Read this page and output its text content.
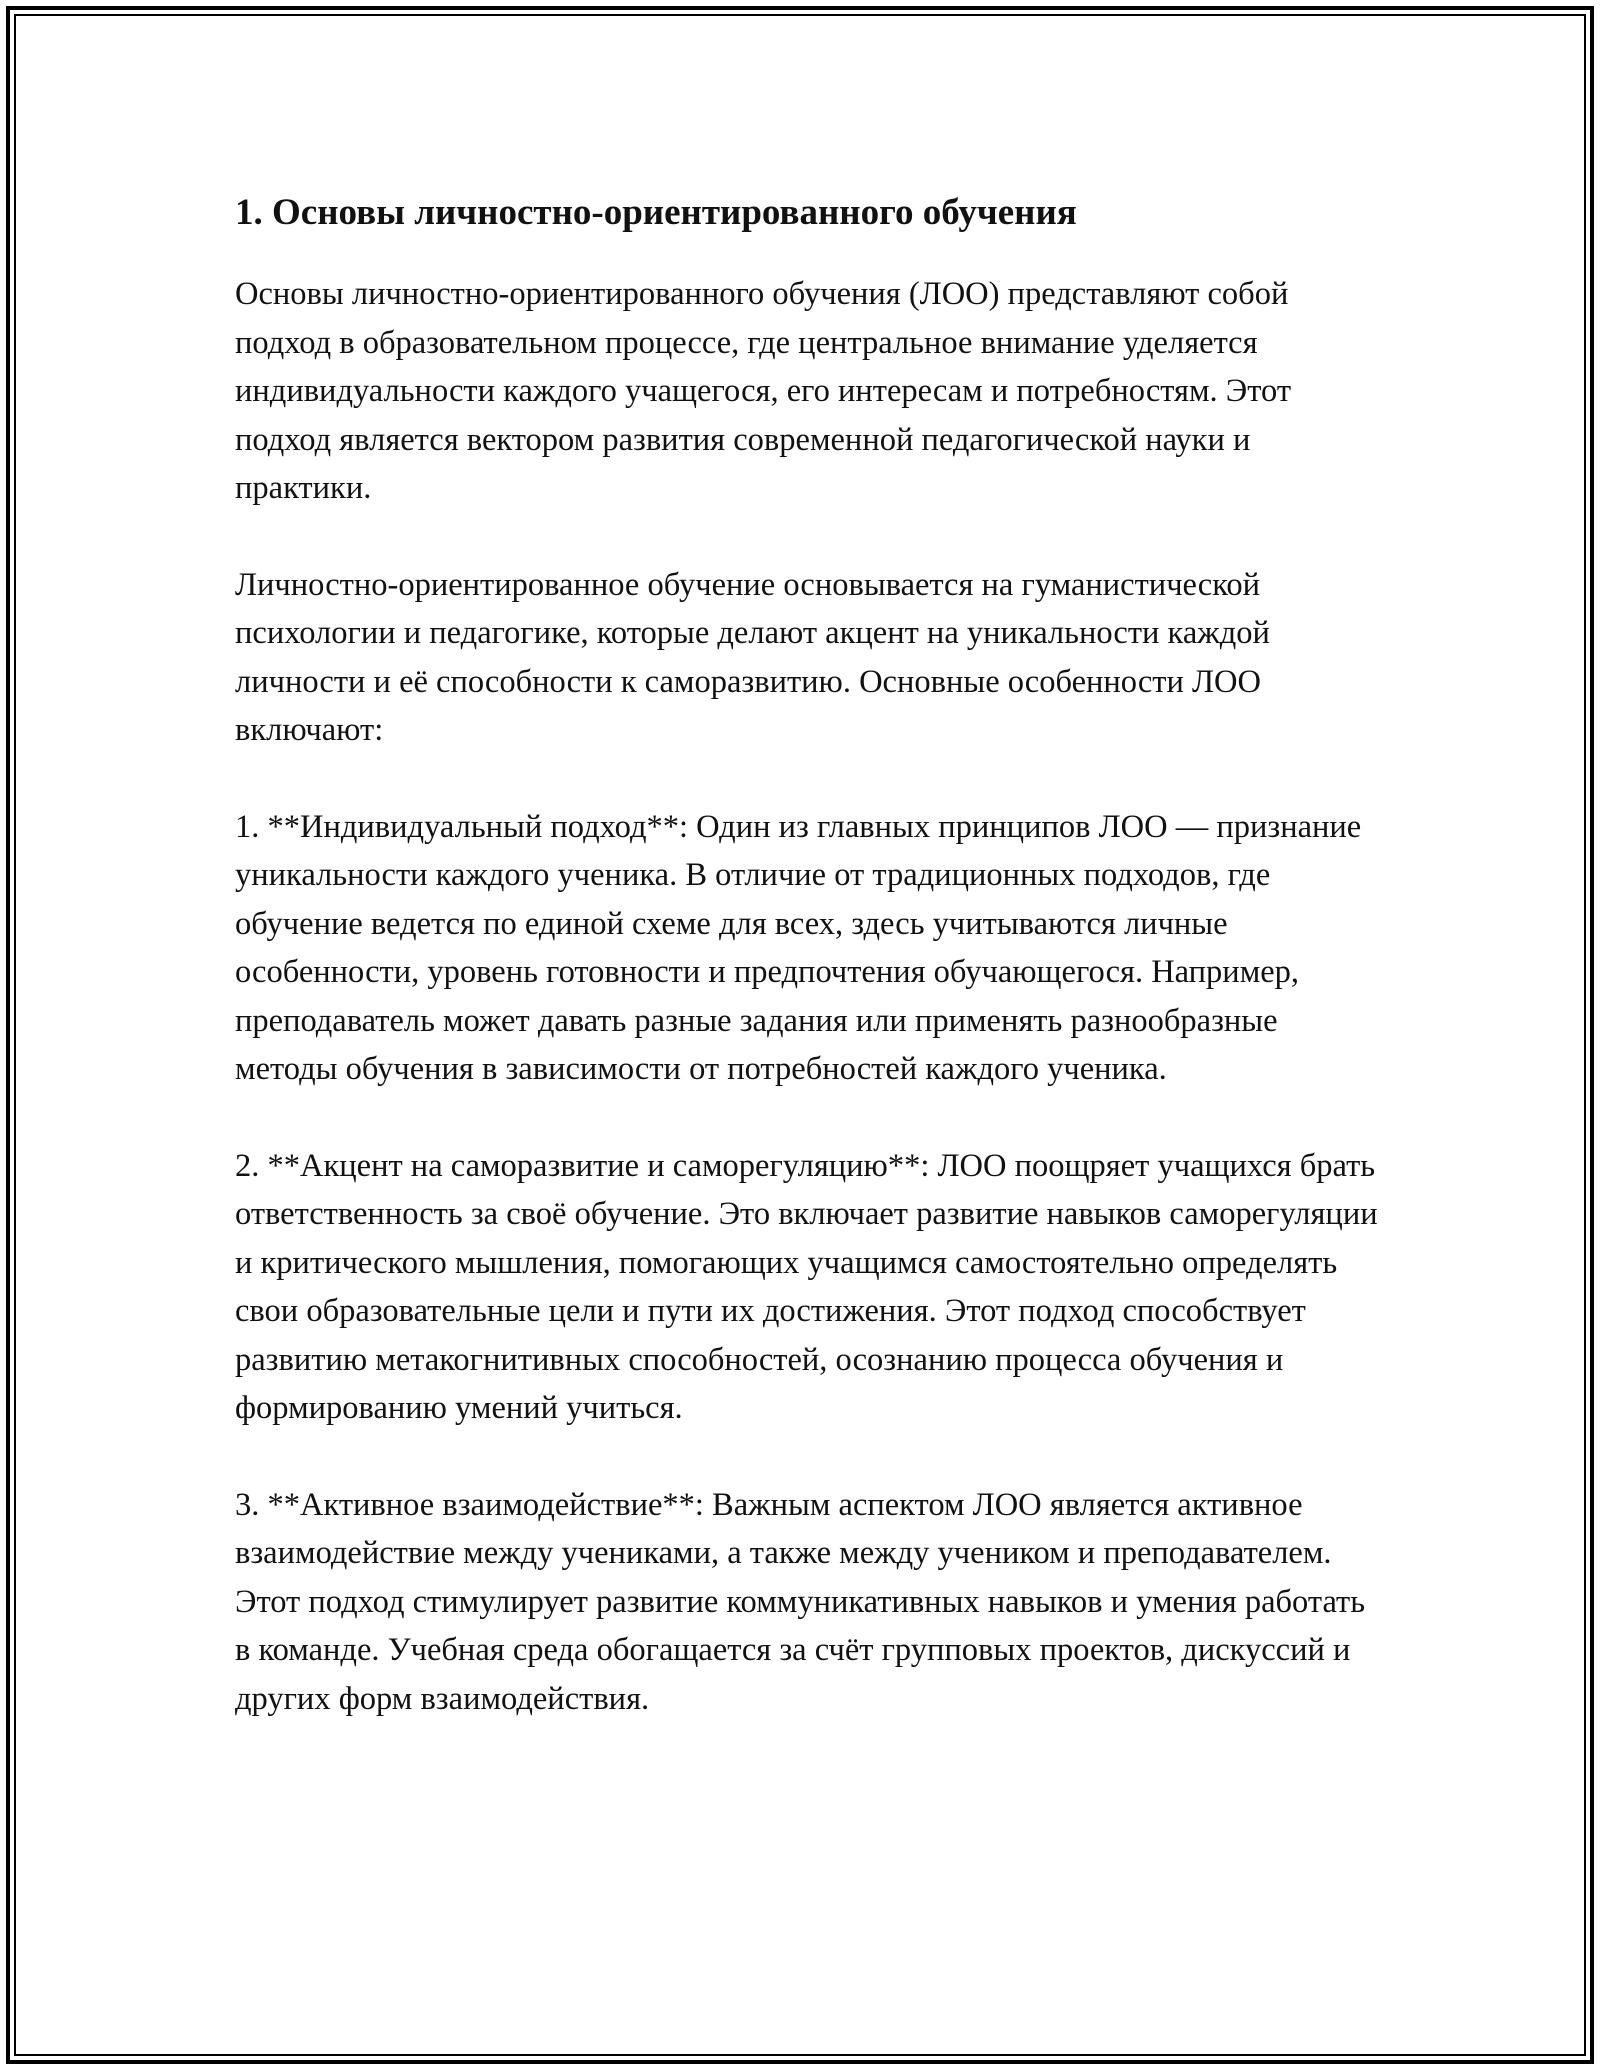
1. Основы личностно-ориентированного обучения

Основы личностно-ориентированного обучения (ЛОО) представляют собой подход в образовательном процессе, где центральное внимание уделяется индивидуальности каждого учащегося, его интересам и потребностям. Этот подход является вектором развития современной педагогической науки и практики.

Личностно-ориентированное обучение основывается на гуманистической психологии и педагогике, которые делают акцент на уникальности каждой личности и её способности к саморазвитию. Основные особенности ЛОО включают:

1. **Индивидуальный подход**: Один из главных принципов ЛОО — признание уникальности каждого ученика. В отличие от традиционных подходов, где обучение ведется по единой схеме для всех, здесь учитываются личные особенности, уровень готовности и предпочтения обучающегося. Например, преподаватель может давать разные задания или применять разнообразные методы обучения в зависимости от потребностей каждого ученика.

2. **Акцент на саморазвитие и саморегуляцию**: ЛОО поощряет учащихся брать ответственность за своё обучение. Это включает развитие навыков саморегуляции и критического мышления, помогающих учащимся самостоятельно определять свои образовательные цели и пути их достижения. Этот подход способствует развитию метакогнитивных способностей, осознанию процесса обучения и формированию умений учиться.

3. **Активное взаимодействие**: Важным аспектом ЛОО является активное взаимодействие между учениками, а также между учеником и преподавателем. Этот подход стимулирует развитие коммуникативных навыков и умения работать в команде. Учебная среда обогащается за счёт групповых проектов, дискуссий и других форм взаимодействия.
